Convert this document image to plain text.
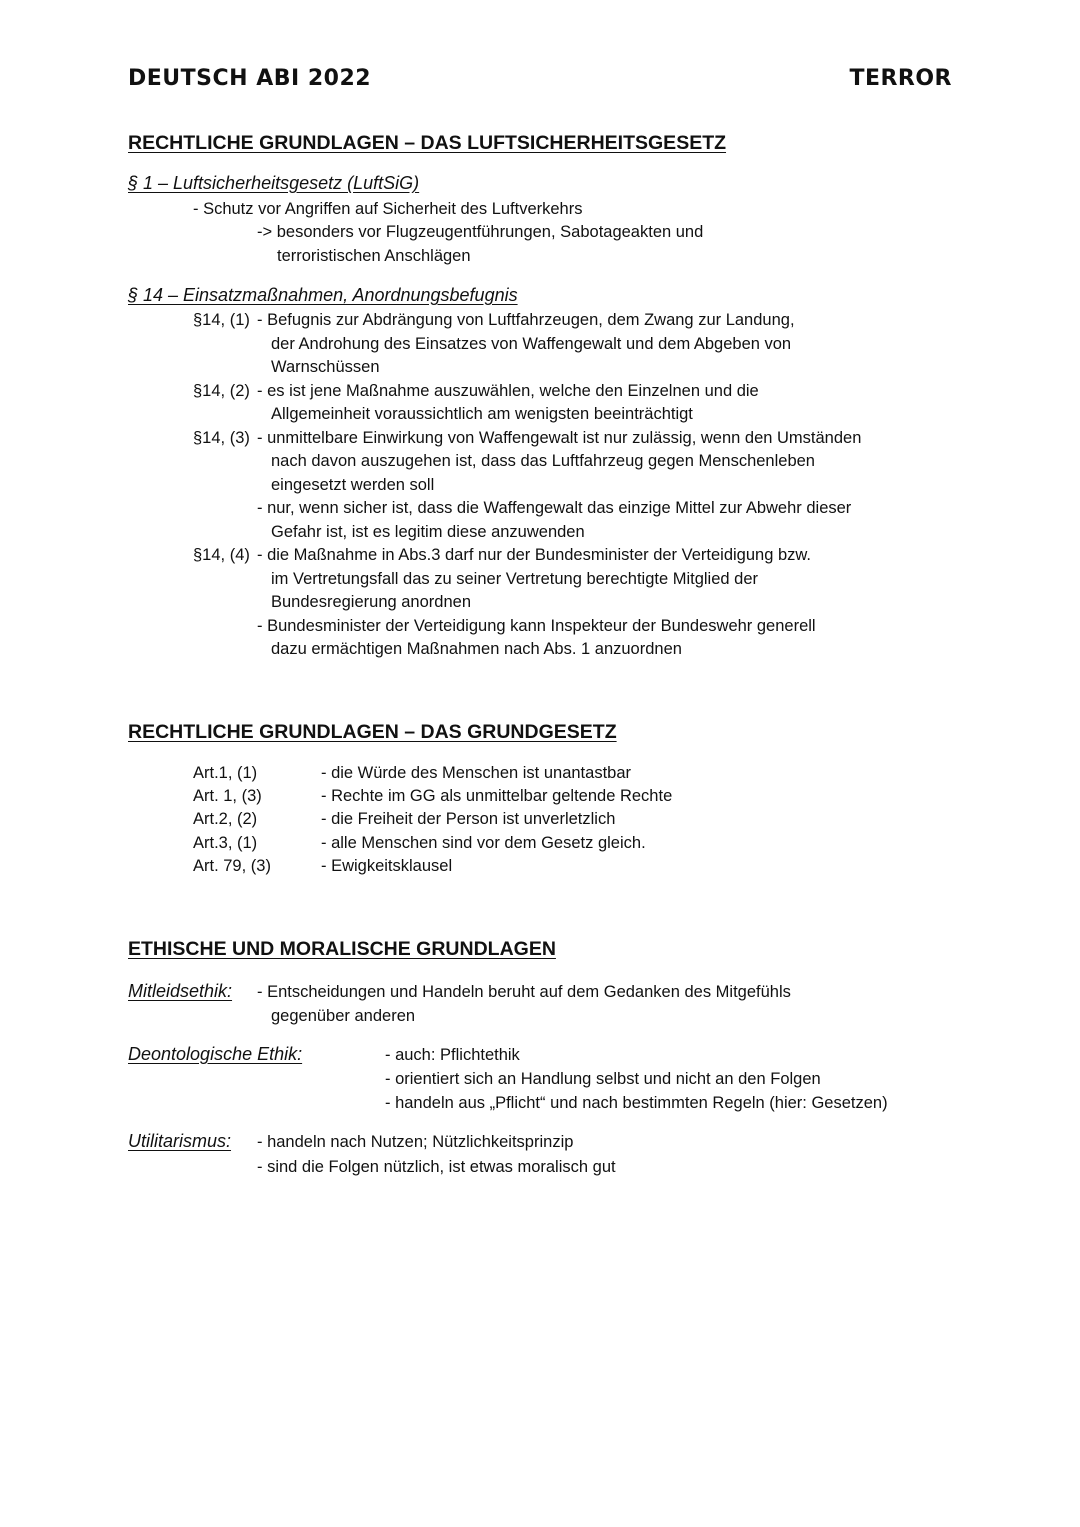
DEUTSCH ABI 2022	TERROR
RECHTLICHE GRUNDLAGEN – DAS LUFTSICHERHEITSGESETZ
§ 1 – Luftsicherheitsgesetz (LuftSiG)
- Schutz vor Angriffen auf Sicherheit des Luftverkehrs
-> besonders vor Flugzeugentführungen, Sabotageakten und
terroristischen Anschlägen
§ 14 – Einsatzmaßnahmen, Anordnungsbefugnis
§14, (1) - Befugnis zur Abdrängung von Luftfahrzeugen, dem Zwang zur Landung,
der Androhung des Einsatzes von Waffengewalt und dem Abgeben von
Warnschüssen
§14, (2) - es ist jene Maßnahme auszuwählen, welche den Einzelnen und die
Allgemeinheit voraussichtlich am wenigsten beeinträchtigt
§14, (3) - unmittelbare Einwirkung von Waffengewalt ist nur zulässig, wenn den Umständen
nach davon auszugehen ist, dass das Luftfahrzeug gegen Menschenleben
eingesetzt werden soll
- nur, wenn sicher ist, dass die Waffengewalt das einzige Mittel zur Abwehr dieser
Gefahr ist, ist es legitim diese anzuwenden
§14, (4) - die Maßnahme in Abs.3 darf nur der Bundesminister der Verteidigung bzw.
im Vertretungsfall das zu seiner Vertretung berechtigte Mitglied der
Bundesregierung anordnen
- Bundesminister der Verteidigung kann Inspekteur der Bundeswehr generell
dazu ermächtigen Maßnahmen nach Abs. 1 anzuordnen
RECHTLICHE GRUNDLAGEN – DAS GRUNDGESETZ
Art.1, (1)	- die Würde des Menschen ist unantastbar
Art. 1, (3)	- Rechte im GG als unmittelbar geltende Rechte
Art.2, (2)	- die Freiheit der Person ist unverletzlich
Art.3, (1)	- alle Menschen sind vor dem Gesetz gleich.
Art. 79, (3)	- Ewigkeitsklausel
ETHISCHE UND MORALISCHE GRUNDLAGEN
Mitleidsethik: - Entscheidungen und Handeln beruht auf dem Gedanken des Mitgefühls
gegenüber anderen
Deontologische Ethik:	- auch: Pflichtethik
- orientiert sich an Handlung selbst und nicht an den Folgen
- handeln aus „Pflicht“ und nach bestimmten Regeln (hier: Gesetzen)
Utilitarismus: - handeln nach Nutzen; Nützlichkeitsprinzip
- sind die Folgen nützlich, ist etwas moralisch gut
